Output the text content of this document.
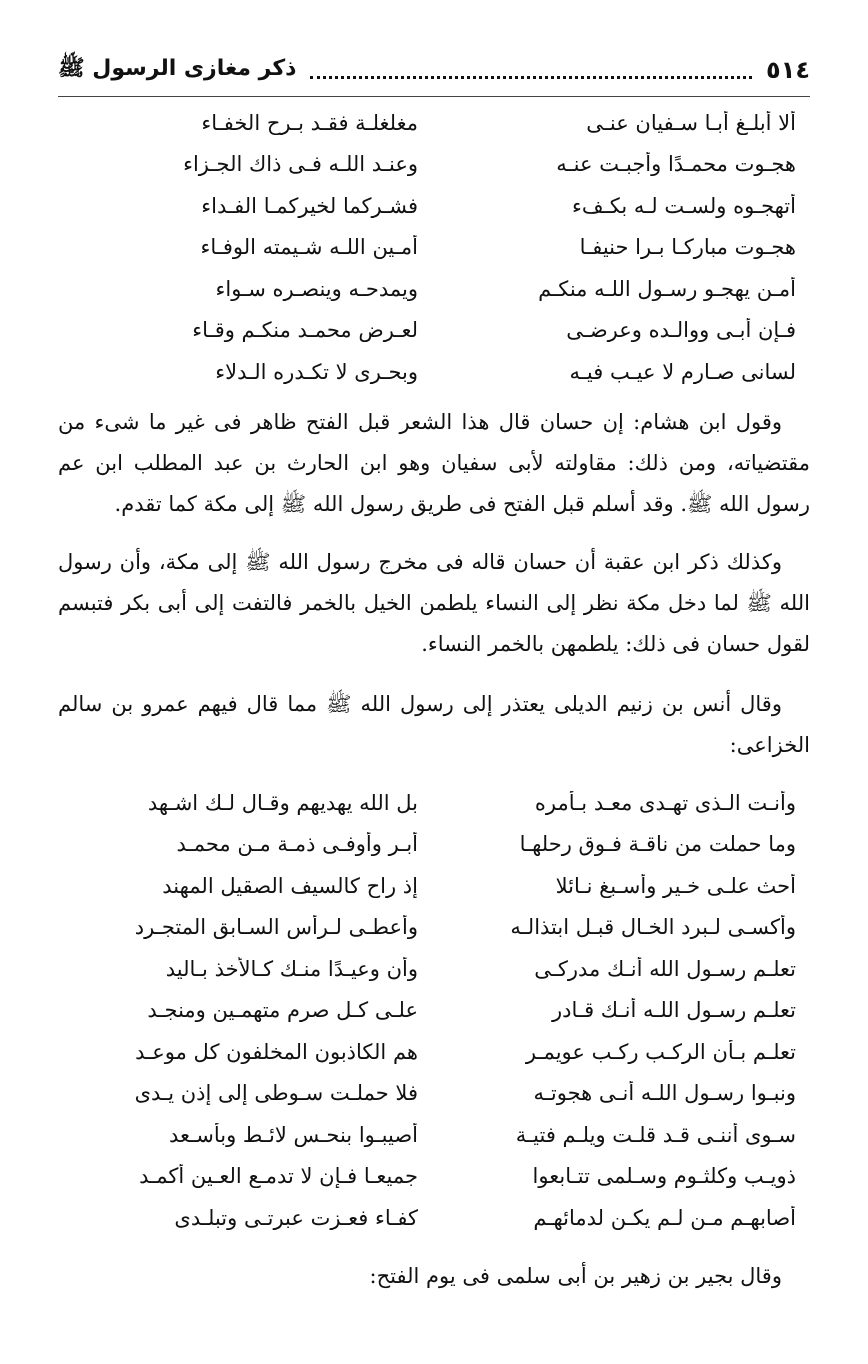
٥١٤
ذكر مغازى الرسول ﷺ
ألا أبلـغ أبـا سـفيان عنـى
مغلغلـة فقـد بـرح الخفـاء
هجـوت محمـدًا وأجبـت عنـه
وعنـد اللـه فـى ذاك الجـزاء
أتهجـوه ولسـت لـه بكـفء
فشـركما لخيركمـا الفـداء
هجـوت مباركـا بـرا حنيفـا
أمـين اللـه شـيمته الوفـاء
أمـن يهجـو رسـول اللـه منكـم
ويمدحـه وينصـره سـواء
فـإن أبـى ووالـده وعرضـى
لعـرض محمـد منكـم وقـاء
لسانى صـارم لا عيـب فيـه
وبحـرى لا تكـدره الـدلاء

وقول ابن هشام: إن حسان قال هذا الشعر قبل الفتح ظاهر فى غير ما شىء من مقتضياته، ومن ذلك: مقاولته لأبى سفيان وهو ابن الحارث بن عبد المطلب ابن عم رسول الله ﷺ. وقد أسلم قبل الفتح فى طريق رسول الله ﷺ إلى مكة كما تقدم.

وكذلك ذكر ابن عقبة أن حسان قاله فى مخرج رسول الله ﷺ إلى مكة، وأن رسول الله ﷺ لما دخل مكة نظر إلى النساء يلطمن الخيل بالخمر فالتفت إلى أبى بكر فتبسم لقول حسان فى ذلك: يلطمهن بالخمر النساء.

وقال أنس بن زنيم الديلى يعتذر إلى رسول الله ﷺ مما قال فيهم عمرو بن سالم الخزاعى:

وأنـت الـذى تهـدى معـد بـأمره
بل الله يهديهم وقـال لـك اشـهد
وما حملت من ناقـة فـوق رحلهـا
أبـر وأوفـى ذمـة مـن محمـد
أحث علـى خـير وأسـبغ نـائلا
إذ راح كالسيف الصقيل المهند
وأكسـى لـبرد الخـال قبـل ابتذالـه
وأعطـى لـرأس السـابق المتجـرد
تعلـم رسـول الله أنـك مدركـى
وأن وعيـدًا منـك كـالأخذ بـاليد
تعلـم رسـول اللـه أنـك قـادر
علـى كـل صرم متهمـين ومنجـد
تعلـم بـأن الركـب ركـب عويمـر
هم الكاذبون المخلفون كل موعـد
ونبـوا رسـول اللـه أنـى هجوتـه
فلا حملـت سـوطى إلى إذن يـدى
سـوى أننـى قـد قلـت ويلـم فتيـة
أصيبـوا بنحـس لائـط وبأسـعد
ذويـب وكلثـوم وسـلمى تتـابعوا
جميعـا فـإن لا تدمـع العـين أكمـد
أصابهـم مـن لـم يكـن لدمائهـم
كفـاء فعـزت عبرتـى وتبلـدى

وقال بجير بن زهير بن أبى سلمى فى يوم الفتح:
